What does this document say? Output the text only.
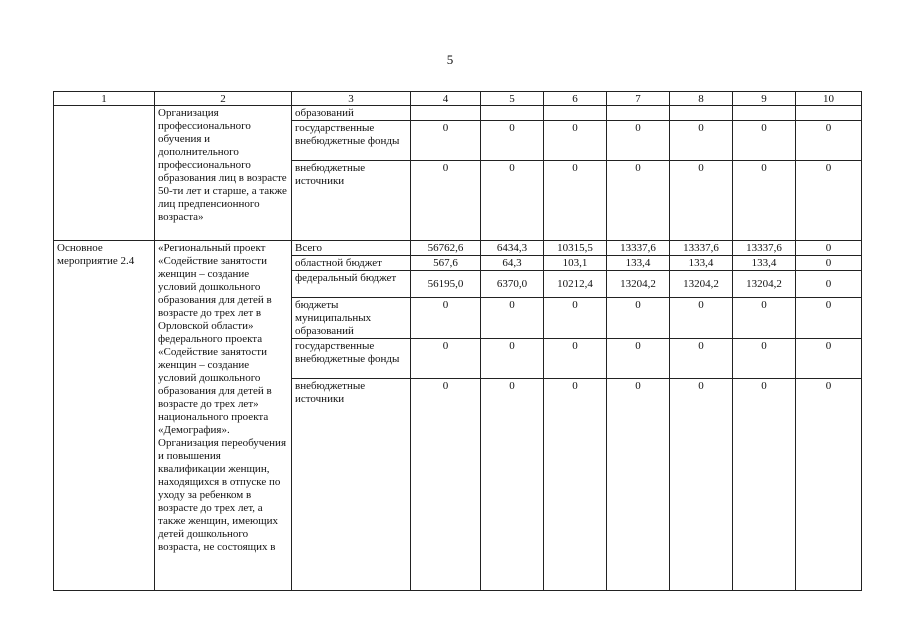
5
1	2	3	4	5	6	7	8	9	10
	Организация профессионального обучения и дополнительного профессионального образования лиц в возрасте 50-ти лет и старше, а также лиц предпенсионного возраста»	образований							
		государственные внебюджетные фонды	0	0	0	0	0	0	0
		внебюджетные источники	0	0	0	0	0	0	0
Основное мероприятие 2.4	«Региональный проект «Содействие занятости женщин – создание условий дошкольного образования для детей в возрасте до трех лет в Орловской области» федерального проекта «Содействие занятости женщин – создание условий дошкольного образования для детей в возрасте до трех лет» национального проекта «Демография». Организация переобучения и повышения квалификации женщин, находящихся в отпуске по уходу за ребенком в возрасте до трех лет, а также женщин, имеющих детей дошкольного возраста, не состоящих в	Всего	56762,6	6434,3	10315,5	13337,6	13337,6	13337,6	0
		областной бюджет	567,6	64,3	103,1	133,4	133,4	133,4	0
		федеральный бюджет	56195,0	6370,0	10212,4	13204,2	13204,2	13204,2	0
		бюджеты муниципальных образований	0	0	0	0	0	0	0
		государственные внебюджетные фонды	0	0	0	0	0	0	0
		внебюджетные источники	0	0	0	0	0	0	0
